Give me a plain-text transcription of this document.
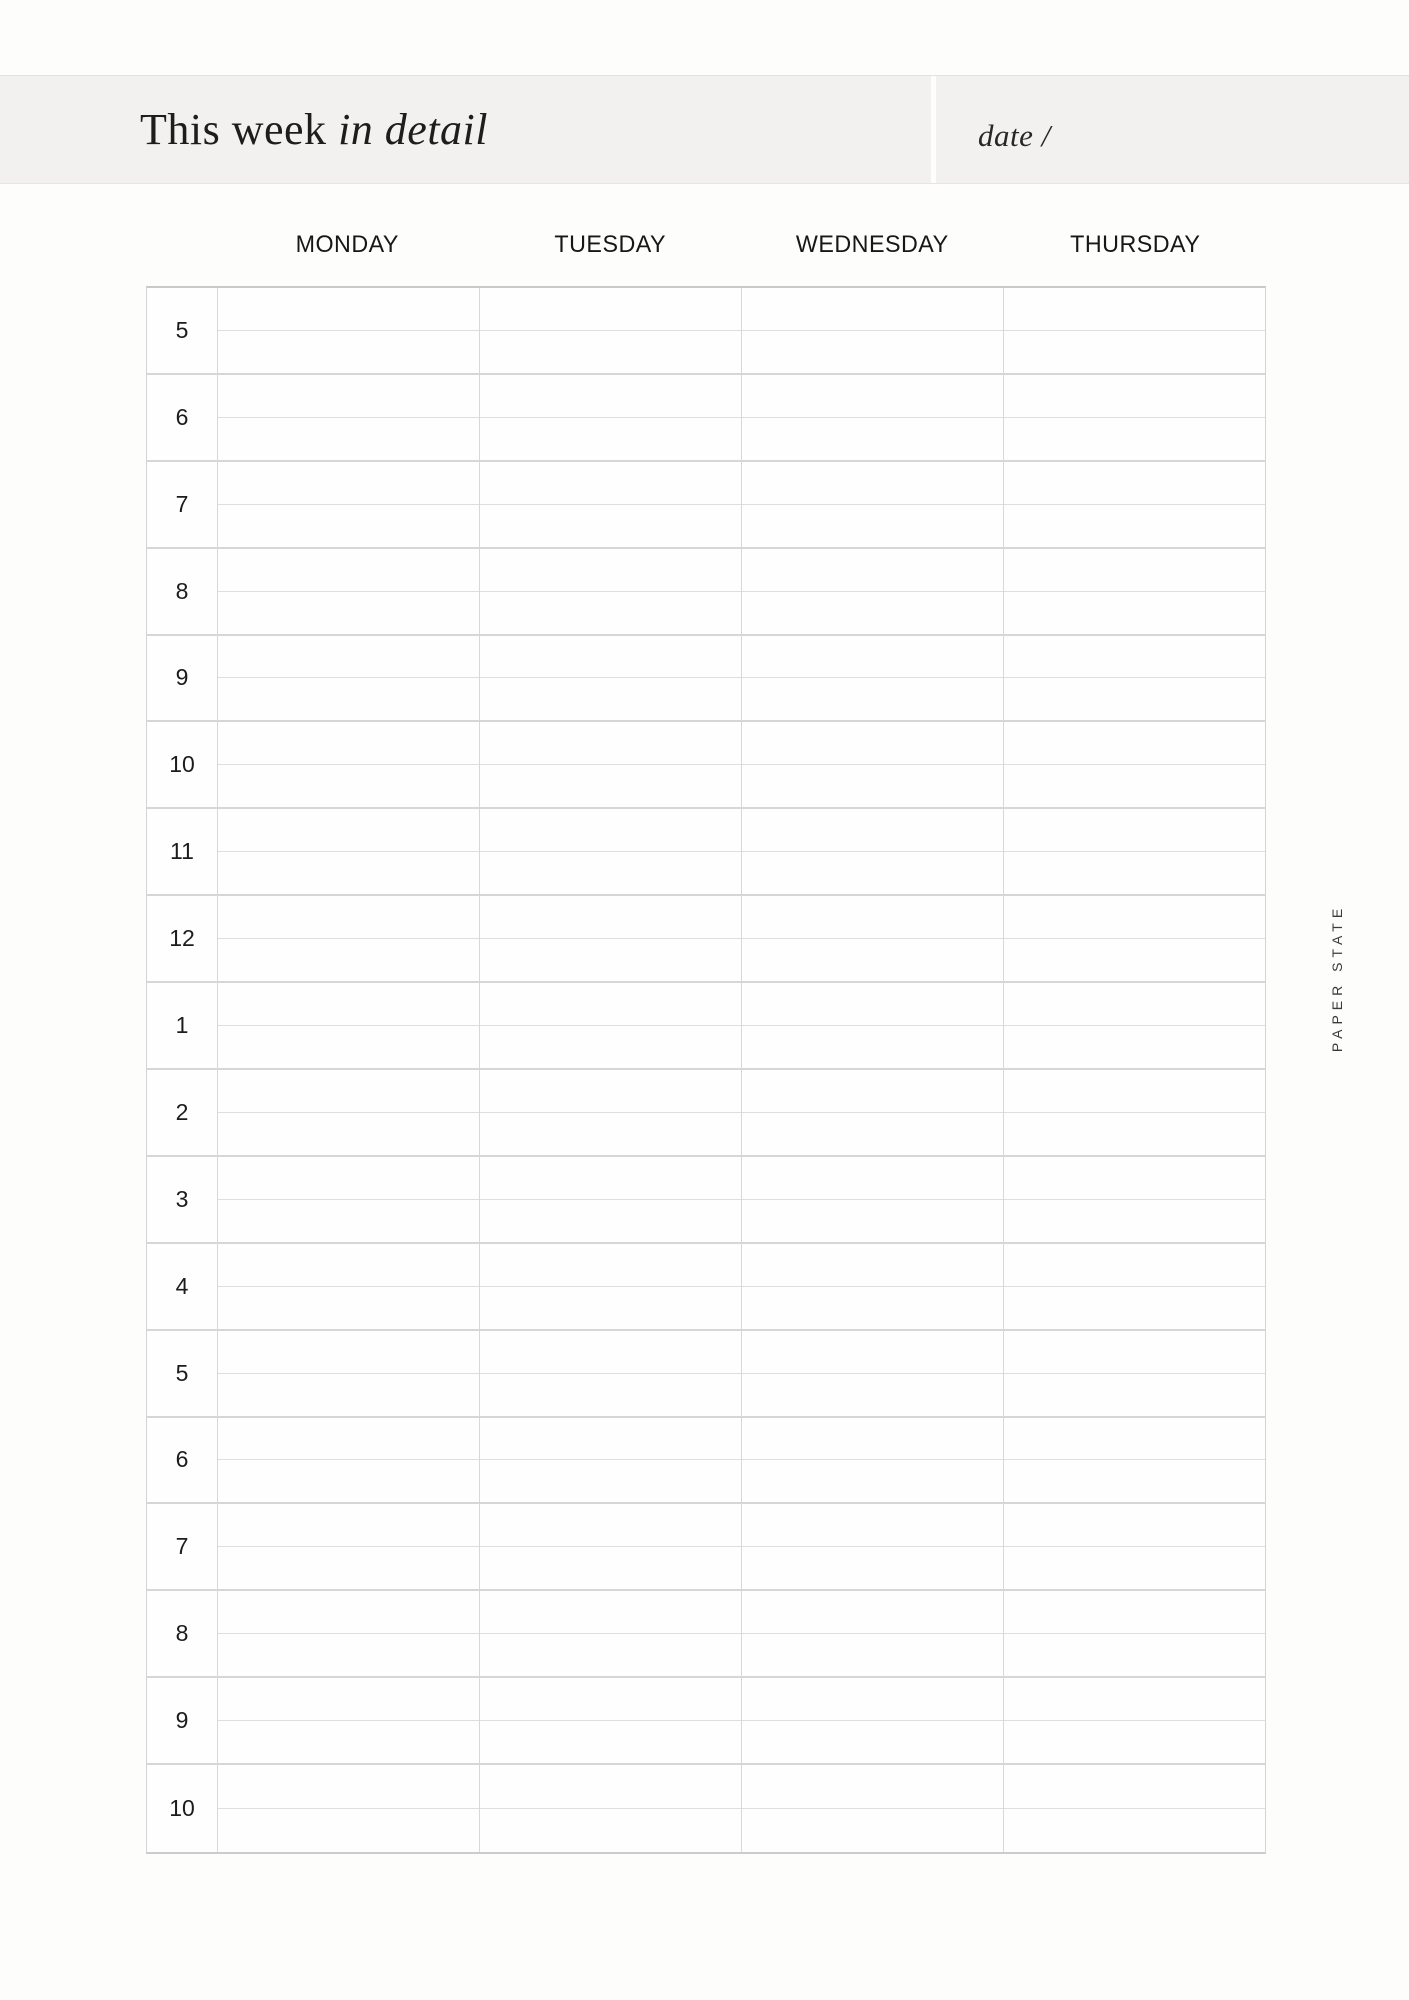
This week in detail	date /
MONDAY	TUESDAY	WEDNESDAY	THURSDAY
5
6
7
8
9
10
11
12
1
2
3
4
5
6
7
8
9
10
PAPER STATE
